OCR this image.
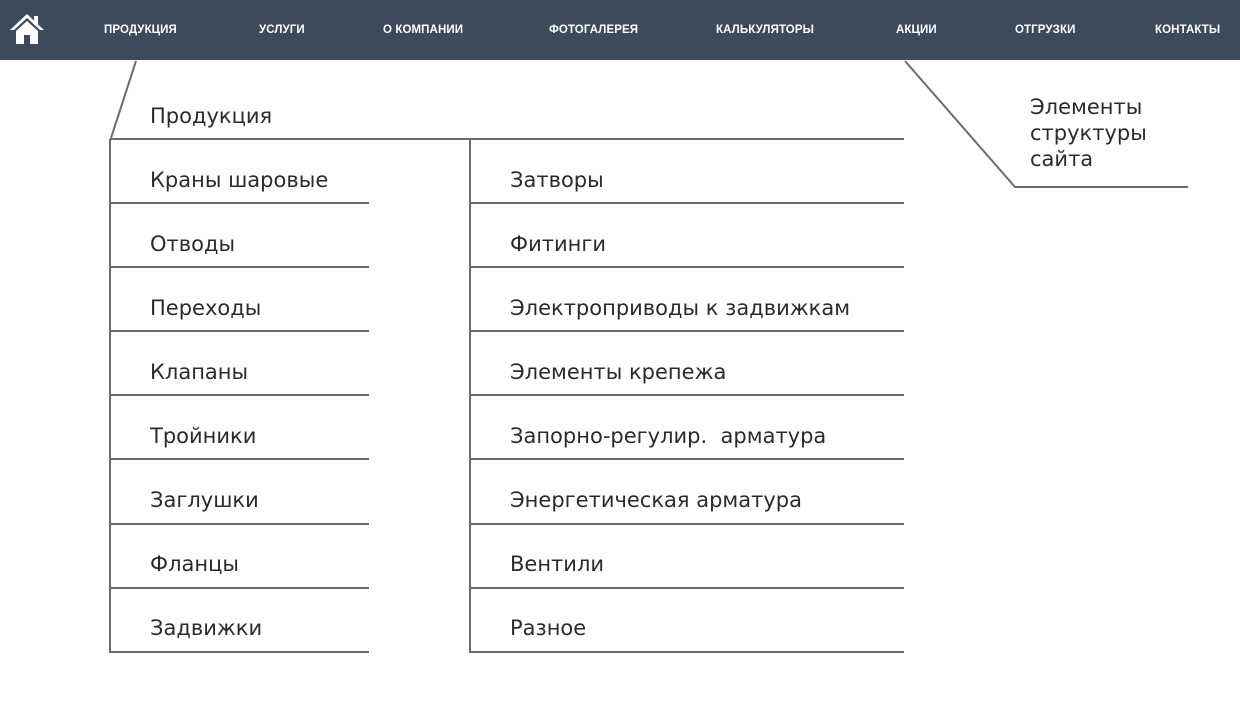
ПРОДУКЦИЯ	УСЛУГИ	О КОМПАНИИ	ФОТОГАЛЕРЕЯ	КАЛЬКУЛЯТОРЫ	АКЦИИ	ОТГРУЗКИ	КОНТАКТЫ
Продукция
Краны шаровые
Отводы
Переходы
Клапаны
Тройники
Заглушки
Фланцы
Задвижки
Затворы
Фитинги
Электроприводы к задвижкам
Элементы крепежа
Запорно-регулир.  арматура
Энергетическая арматура
Вентили
Разное
Элементы
структуры
сайта
